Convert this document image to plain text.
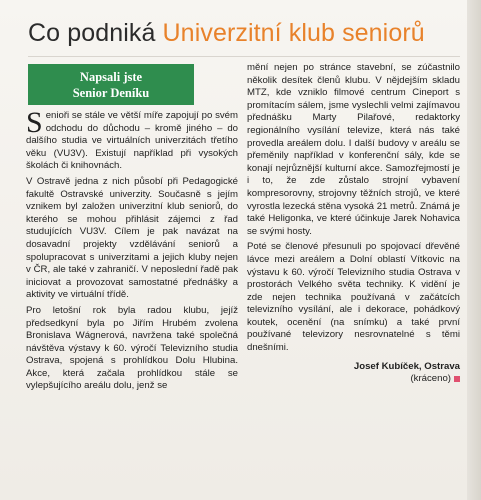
Co podniká Univerzitní klub seniorů
Napsali jste
Senior Deníku

Senioři se stále ve větší míře zapojují po svém odchodu do důchodu – kromě jiného – do dalšího studia ve virtuálních univerzitách třetího věku (VU3V). Existují například při vysokých školách či knihovnách.

V Ostravě jedna z nich působí při Pedagogické fakultě Ostravské univerzity. Současně s jejím vznikem byl založen univerzitní klub seniorů, do kterého se mohou přihlásit zájemci z řad studujících VU3V. Cílem je pak navázat na dosavadní projekty vzdělávání seniorů a spolupracovat s univerzitami a jejich kluby nejen v ČR, ale také v zahraničí. V neposlední řadě pak iniciovat a provozovat samostatné přednášky a aktivity ve virtuální třídě.

Pro letošní rok byla radou klubu, jejíž předsedkyní byla po Jiřím Hrubém zvolena Bronislava Wágnerová, navržena také společná návštěva výstavy k 60. výročí Televizního studia Ostrava, spojená s prohlídkou Dolu Hlubina. Akce, která začala prohlídkou stále se vylepšujícího areálu dolu, jenž se

mění nejen po stránce stavební, se zúčastnilo několik desítek členů klubu. V nějdejším skladu MTZ, kde vzniklo filmové centrum Cineport s promítacím sálem, jsme vyslechli velmi zajímavou přednášku Marty Pilařové, redaktorky regionálního vysílání televize, která nás také provedla areálem dolu. I další budovy v areálu se přeměnily například v konferenční sály, kde se konají nejrůznější kulturní akce. Samozřejmostí je i to, že zde zůstalo strojní vybavení kompresorovny, strojovny těžních strojů, ve které vyrostla lezecká stěna vysoká 21 metrů. Známá je také Heligonka, ve které účinkuje Jarek Nohavica se svými hosty.

Poté se členové přesunuli po spojovací dřevěné lávce mezi areálem a Dolní oblastí Vítkovic na výstavu k 60. výročí Televizního studia Ostrava v prostorách Velkého světa techniky. K vidění je zde nejen technika používaná v začátcích televizního vysílání, ale i dekorace, pohádkový koutek, ocenění (na snímku) a také první používané televizory nesrovnatelné s těmi dnešními.

Josef Kubíček, Ostrava
(kráceno)
